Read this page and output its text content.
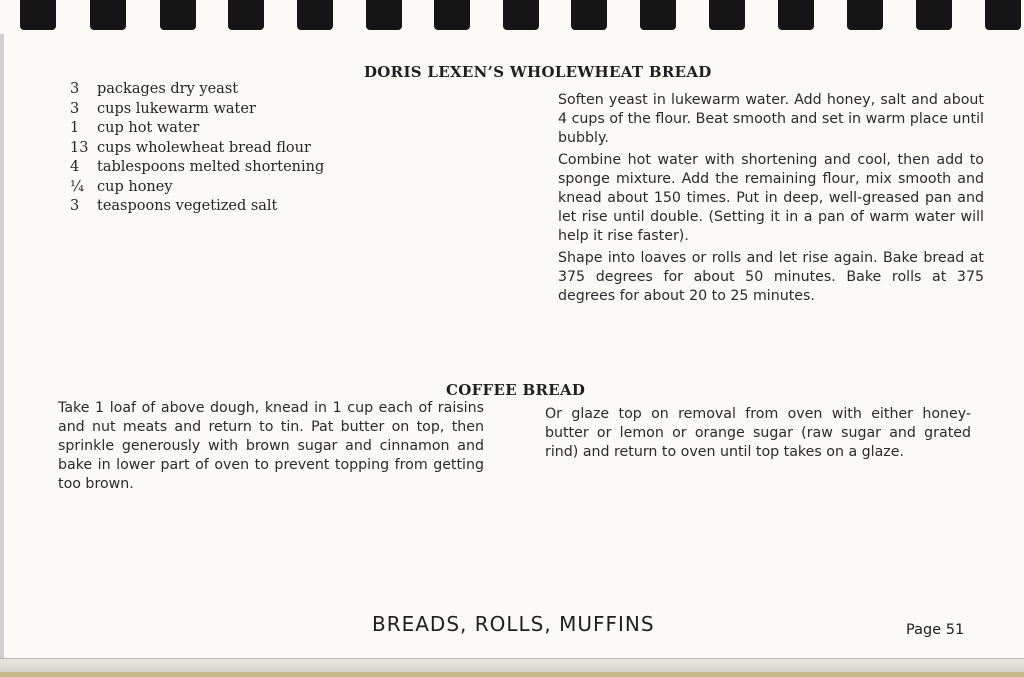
DORIS LEXEN’S WHOLEWHEAT BREAD
3 packages dry yeast
3 cups lukewarm water
1 cup hot water
13 cups wholewheat bread flour
4 tablespoons melted shortening
¼ cup honey
3 teaspoons vegetized salt

Soften yeast in lukewarm water. Add honey, salt and about 4 cups of the flour. Beat smooth and set in warm place until bubbly.

Combine hot water with shortening and cool, then add to sponge mixture. Add the remaining flour, mix smooth and knead about 150 times. Put in deep, well-greased pan and let rise until double. (Setting it in a pan of warm water will help it rise faster).

Shape into loaves or rolls and let rise again. Bake bread at 375 degrees for about 50 minutes. Bake rolls at 375 degrees for about 20 to 25 minutes.

COFFEE BREAD

Take 1 loaf of above dough, knead in 1 cup each of raisins and nut meats and return to tin. Pat butter on top, then sprinkle generously with brown sugar and cinnamon and bake in lower part of oven to prevent topping from getting too brown.

Or glaze top on removal from oven with either honey-butter or lemon or orange sugar (raw sugar and grated rind) and return to oven until top takes on a glaze.

BREADS, ROLLS, MUFFINS	Page 51
